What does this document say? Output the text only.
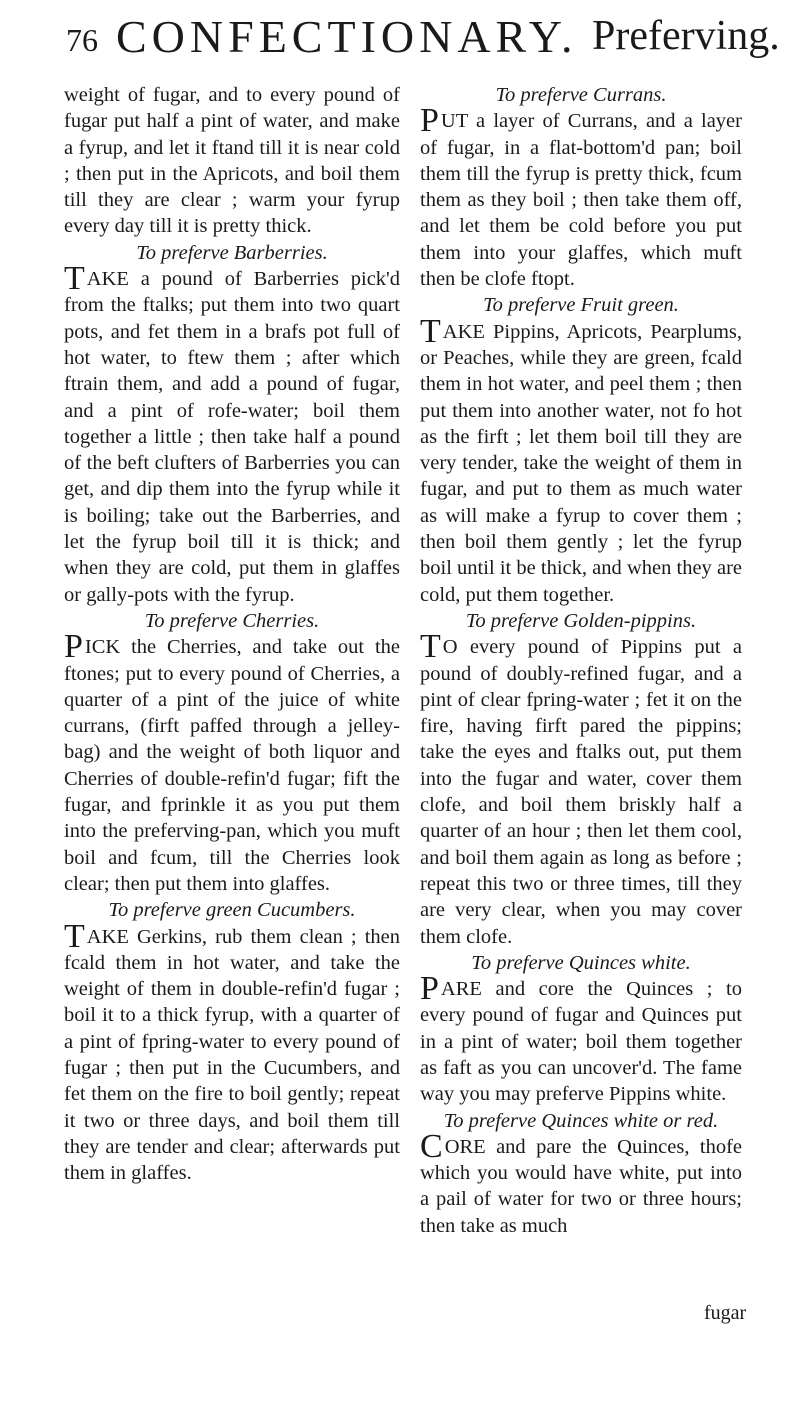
76 CONFECTIONARY. Preferving.

weight of fugar, and to every pound of fugar put half a pint of water, and make a fyrup, and let it ftand till it is near cold ; then put in the Apricots, and boil them till they are clear ; warm your fyrup every day till it is pretty thick.

To preferve Barberries.

TAKE a pound of Barberries pick'd from the ftalks; put them into two quart pots, and fet them in a brafs pot full of hot water, to ftew them ; after which ftrain them, and add a pound of fugar, and a pint of rofe-water; boil them together a little ; then take half a pound of the beft clufters of Barberries you can get, and dip them into the fyrup while it is boiling; take out the Barberries, and let the fyrup boil till it is thick; and when they are cold, put them in glaffes or gally-pots with the fyrup.

To preferve Cherries.

PICK the Cherries, and take out the ftones; put to every pound of Cherries, a quarter of a pint of the juice of white currans, (firft paffed through a jelley-bag) and the weight of both liquor and Cherries of double-refin'd fugar; fift the fugar, and fprinkle it as you put them into the preferving-pan, which you muft boil and fcum, till the Cherries look clear; then put them into glaffes.

To preferve green Cucumbers.

TAKE Gerkins, rub them clean ; then fcald them in hot water, and take the weight of them in double-refin'd fugar ; boil it to a thick fyrup, with a quarter of a pint of fpring-water to every pound of fugar ; then put in the Cucumbers, and fet them on the fire to boil gently; repeat it two or three days, and boil them till they are tender and clear; afterwards put them in glaffes.

To preferve Currans.

PUT a layer of Currans, and a layer of fugar, in a flat-bottom'd pan; boil them till the fyrup is pretty thick, fcum them as they boil ; then take them off, and let them be cold before you put them into your glaffes, which muft then be clofe ftopt.

To preferve Fruit green.

TAKE Pippins, Apricots, Pearplums, or Peaches, while they are green, fcald them in hot water, and peel them ; then put them into another water, not fo hot as the firft ; let them boil till they are very tender, take the weight of them in fugar, and put to them as much water as will make a fyrup to cover them ; then boil them gently ; let the fyrup boil until it be thick, and when they are cold, put them together.

To preferve Golden-pippins.

TO every pound of Pippins put a pound of doubly-refined fugar, and a pint of clear fpring-water ; fet it on the fire, having firft pared the pippins; take the eyes and ftalks out, put them into the fugar and water, cover them clofe, and boil them briskly half a quarter of an hour ; then let them cool, and boil them again as long as before ; repeat this two or three times, till they are very clear, when you may cover them clofe.

To preferve Quinces white.

PARE and core the Quinces ; to every pound of fugar and Quinces put in a pint of water; boil them together as faft as you can uncover'd. The fame way you may preferve Pippins white.

To preferve Quinces white or red.

CORE and pare the Quinces, thofe which you would have white, put into a pail of water for two or three hours; then take as much

fugar
